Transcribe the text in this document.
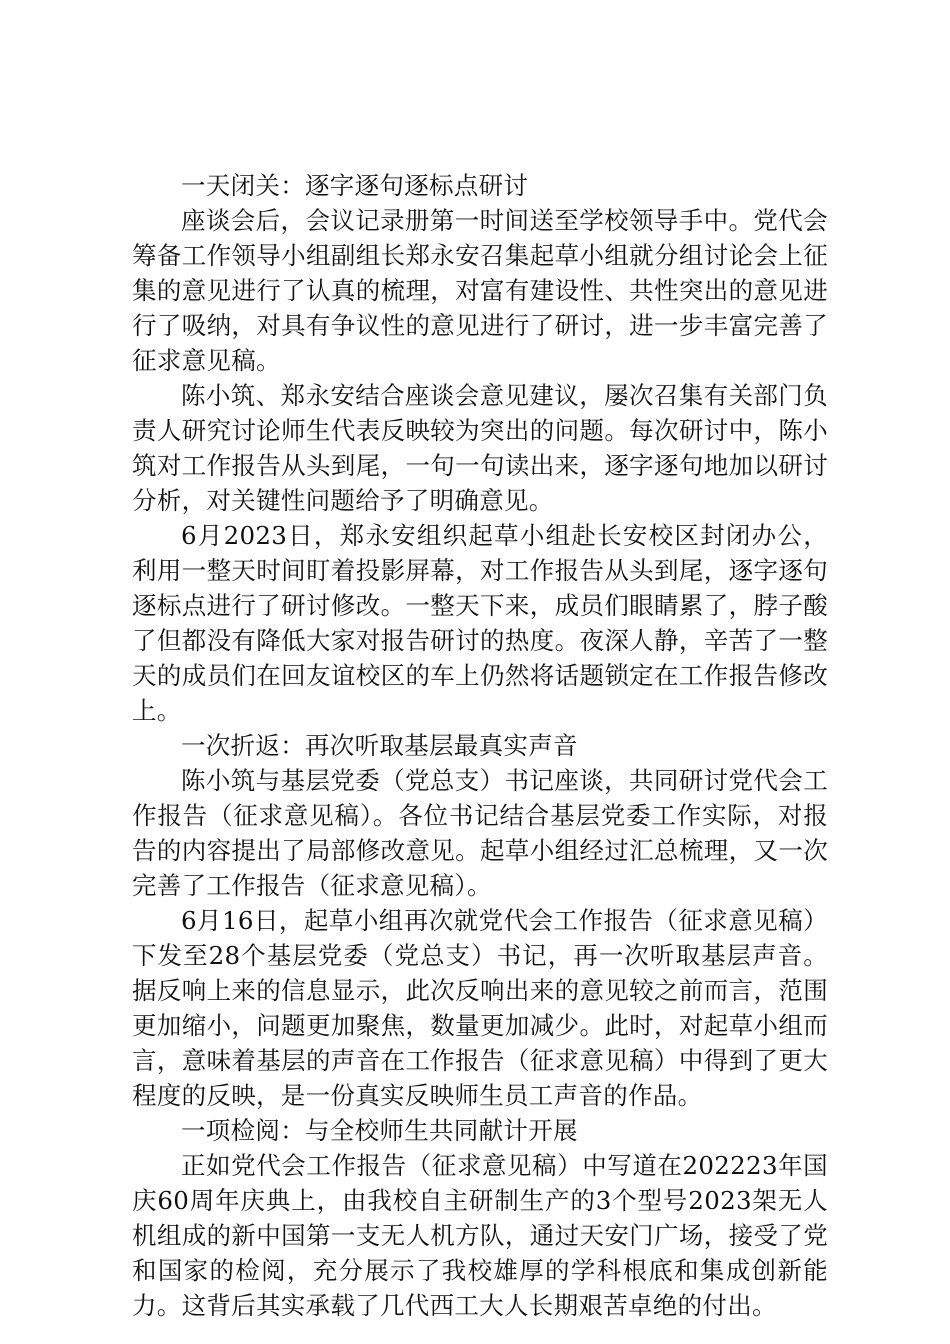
一天闭关：逐字逐句逐标点研讨

座谈会后，会议记录册第一时间送至学校领导手中。党代会筹备工作领导小组副组长郑永安召集起草小组就分组讨论会上征集的意见进行了认真的梳理，对富有建设性、共性突出的意见进行了吸纳，对具有争议性的意见进行了研讨，进一步丰富完善了征求意见稿。

陈小筑、郑永安结合座谈会意见建议，屡次召集有关部门负责人研究讨论师生代表反映较为突出的问题。每次研讨中，陈小筑对工作报告从头到尾，一句一句读出来，逐字逐句地加以研讨分析，对关键性问题给予了明确意见。

6月2023日，郑永安组织起草小组赴长安校区封闭办公，利用一整天时间盯着投影屏幕，对工作报告从头到尾，逐字逐句逐标点进行了研讨修改。一整天下来，成员们眼睛累了，脖子酸了但都没有降低大家对报告研讨的热度。夜深人静，辛苦了一整天的成员们在回友谊校区的车上仍然将话题锁定在工作报告修改上。

一次折返：再次听取基层最真实声音

陈小筑与基层党委（党总支）书记座谈，共同研讨党代会工作报告（征求意见稿）。各位书记结合基层党委工作实际，对报告的内容提出了局部修改意见。起草小组经过汇总梳理，又一次完善了工作报告（征求意见稿）。

6月16日，起草小组再次就党代会工作报告（征求意见稿）下发至28个基层党委（党总支）书记，再一次听取基层声音。据反响上来的信息显示，此次反响出来的意见较之前而言，范围更加缩小，问题更加聚焦，数量更加减少。此时，对起草小组而言，意味着基层的声音在工作报告（征求意见稿）中得到了更大程度的反映，是一份真实反映师生员工声音的作品。

一项检阅：与全校师生共同献计开展

正如党代会工作报告（征求意见稿）中写道在202223年国庆60周年庆典上，由我校自主研制生产的3个型号2023架无人机组成的新中国第一支无人机方队，通过天安门广场，接受了党和国家的检阅，充分展示了我校雄厚的学科根底和集成创新能力。这背后其实承载了几代西工大人长期艰苦卓绝的付出。
